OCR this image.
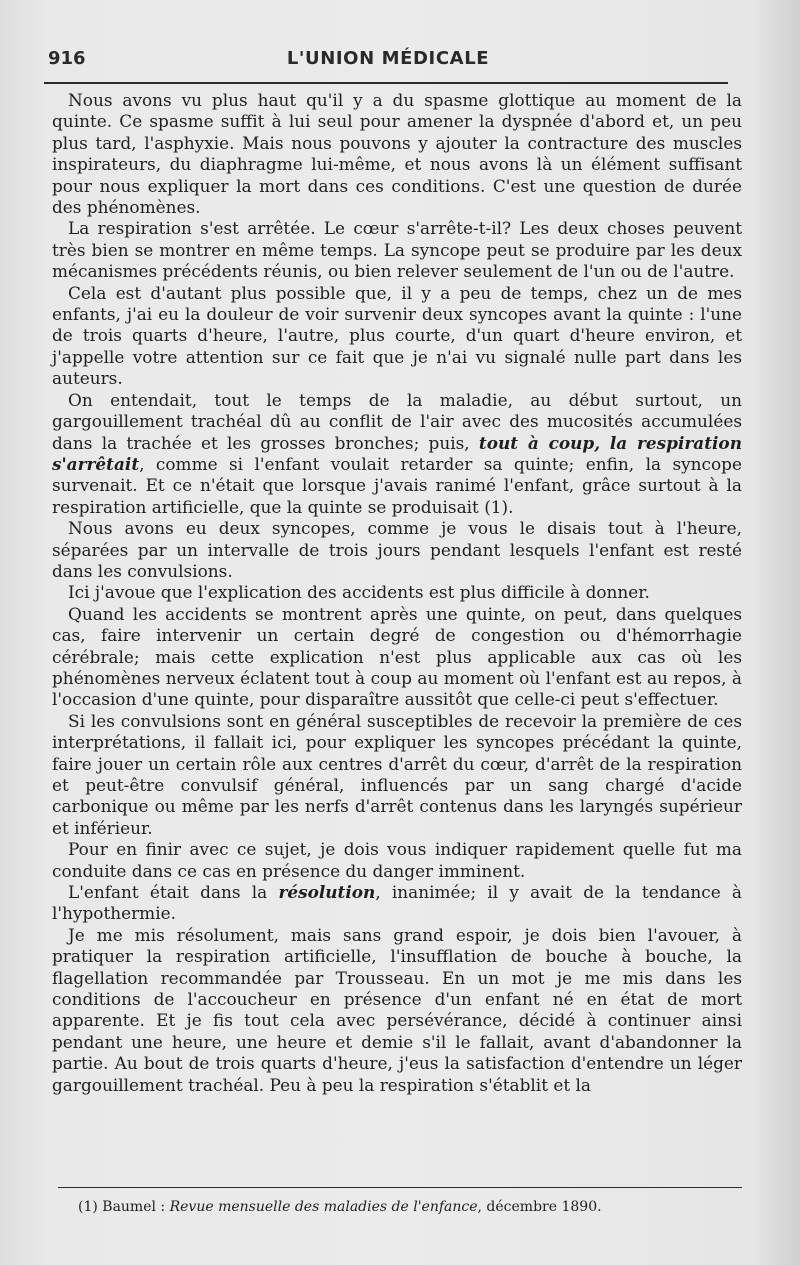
916	L'UNION MÉDICALE

Nous avons vu plus haut qu'il y a du spasme glottique au moment de la quinte. Ce spasme suffit à lui seul pour amener la dyspnée d'abord et, un peu plus tard, l'asphyxie. Mais nous pouvons y ajouter la contracture des muscles inspirateurs, du diaphragme lui-même, et nous avons là un élément suffisant pour nous expliquer la mort dans ces conditions. C'est une question de durée des phénomènes.

La respiration s'est arrêtée. Le cœur s'arrête-t-il? Les deux choses peuvent très bien se montrer en même temps. La syncope peut se produire par les deux mécanismes précédents réunis, ou bien relever seulement de l'un ou de l'autre.

Cela est d'autant plus possible que, il y a peu de temps, chez un de mes enfants, j'ai eu la douleur de voir survenir deux syncopes avant la quinte : l'une de trois quarts d'heure, l'autre, plus courte, d'un quart d'heure environ, et j'appelle votre attention sur ce fait que je n'ai vu signalé nulle part dans les auteurs.

On entendait, tout le temps de la maladie, au début surtout, un gargouillement trachéal dû au conflit de l'air avec des mucosités accumulées dans la trachée et les grosses bronches; puis, tout à coup, la respiration s'arrêtait, comme si l'enfant voulait retarder sa quinte; enfin, la syncope survenait. Et ce n'était que lorsque j'avais ranimé l'enfant, grâce surtout à la respiration artificielle, que la quinte se produisait (1).

Nous avons eu deux syncopes, comme je vous le disais tout à l'heure, séparées par un intervalle de trois jours pendant lesquels l'enfant est resté dans les convulsions.

Ici j'avoue que l'explication des accidents est plus difficile à donner.

Quand les accidents se montrent après une quinte, on peut, dans quelques cas, faire intervenir un certain degré de congestion ou d'hémorrhagie cérébrale; mais cette explication n'est plus applicable aux cas où les phénomènes nerveux éclatent tout à coup au moment où l'enfant est au repos, à l'occasion d'une quinte, pour disparaître aussitôt que celle-ci peut s'effectuer.

Si les convulsions sont en général susceptibles de recevoir la première de ces interprétations, il fallait ici, pour expliquer les syncopes précédant la quinte, faire jouer un certain rôle aux centres d'arrêt du cœur, d'arrêt de la respiration et peut-être convulsif général, influencés par un sang chargé d'acide carbonique ou même par les nerfs d'arrêt contenus dans les laryngés supérieur et inférieur.

Pour en finir avec ce sujet, je dois vous indiquer rapidement quelle fut ma conduite dans ce cas en présence du danger imminent.

L'enfant était dans la résolution, inanimée; il y avait de la tendance à l'hypothermie.

Je me mis résolument, mais sans grand espoir, je dois bien l'avouer, à pratiquer la respiration artificielle, l'insufflation de bouche à bouche, la flagellation recommandée par Trousseau. En un mot je me mis dans les conditions de l'accoucheur en présence d'un enfant né en état de mort apparente. Et je fis tout cela avec persévérance, décidé à continuer ainsi pendant une heure, une heure et demie s'il le fallait, avant d'abandonner la partie. Au bout de trois quarts d'heure, j'eus la satisfaction d'entendre un léger gargouillement trachéal. Peu à peu la respiration s'établit et la

(1) Baumel : Revue mensuelle des maladies de l'enfance, décembre 1890.
